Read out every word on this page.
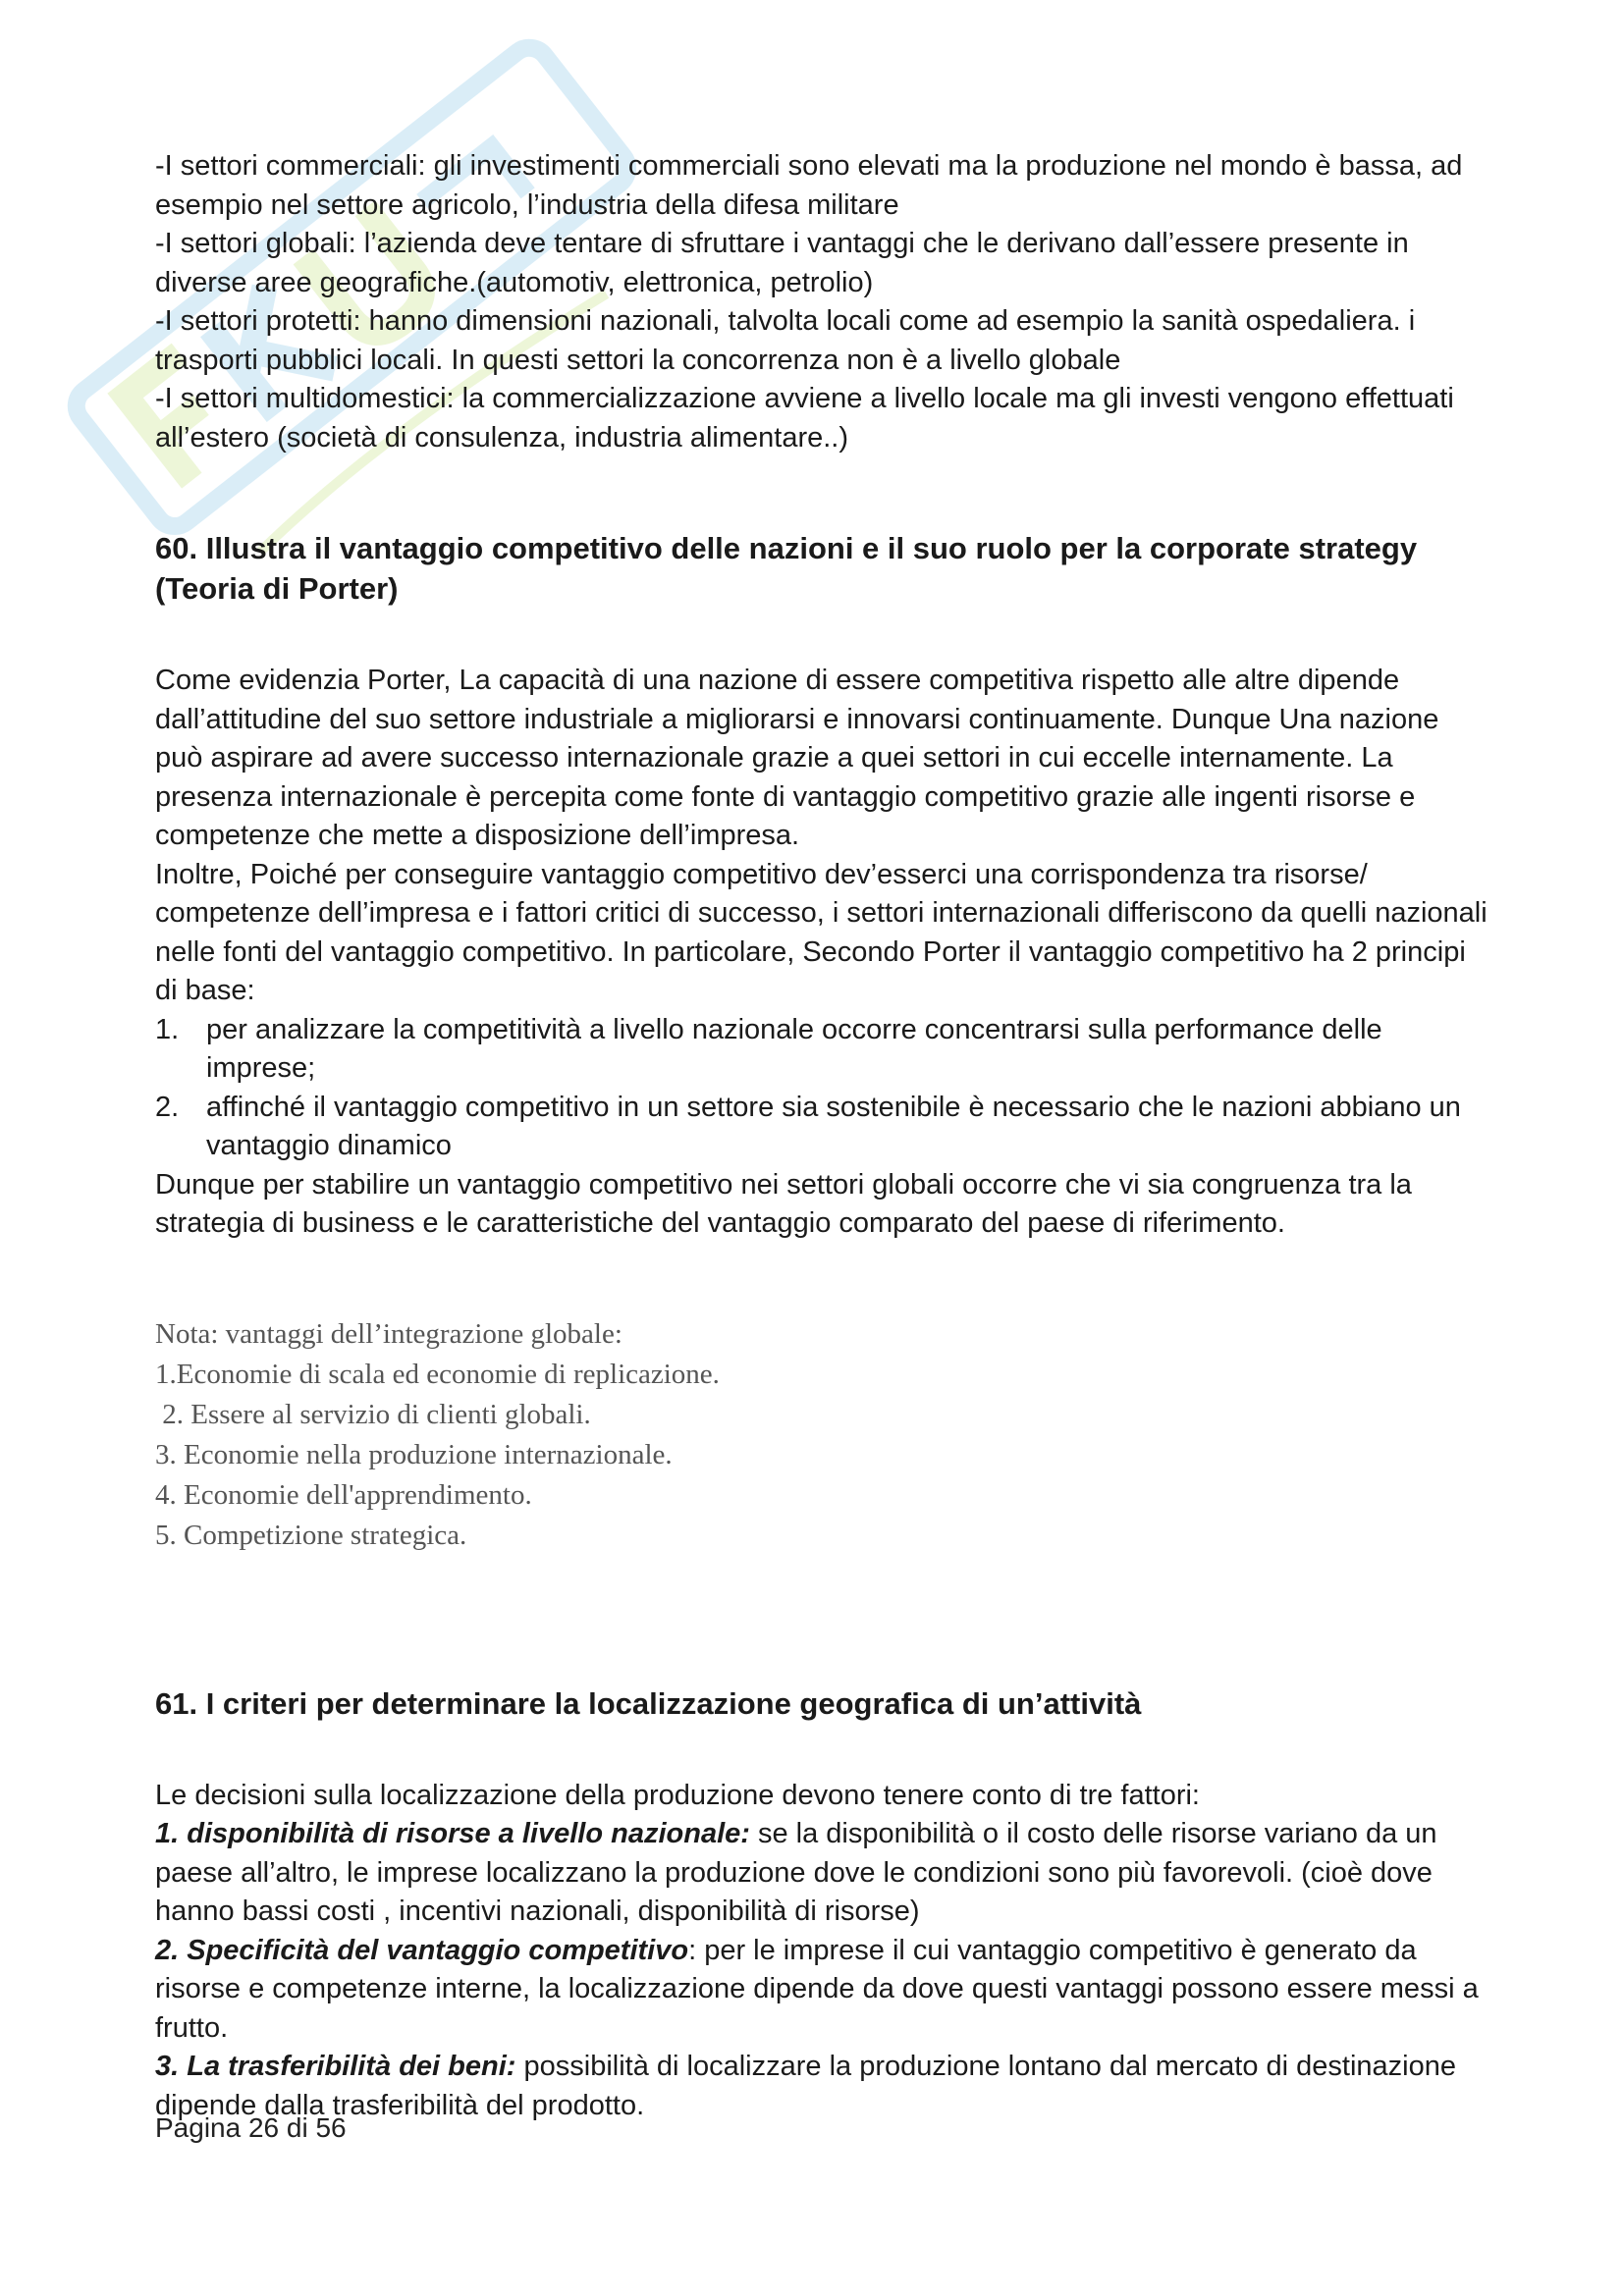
-I settori commerciali: gli investimenti commerciali sono elevati ma la produzione nel mondo è bassa, ad esempio nel settore agricolo, l’industria della difesa militare

-I settori globali: l’azienda deve tentare di sfruttare i vantaggi che le derivano dall’essere presente in diverse aree geografiche.(automotiv, elettronica, petrolio)

-I settori protetti: hanno dimensioni nazionali, talvolta locali come ad esempio la sanità ospedaliera. i trasporti pubblici locali. In questi settori la concorrenza non è a livello globale

-I settori multidomestici: la commercializzazione avviene a livello locale ma gli investi vengono effettuati all’estero (società di consulenza, industria alimentare..)

60. Illustra il vantaggio competitivo delle nazioni e il suo ruolo per la corporate strategy (Teoria di Porter)

Come evidenzia Porter, La capacità di una nazione di essere competitiva rispetto alle altre dipende dall’attitudine del suo settore industriale a migliorarsi e innovarsi continuamente. Dunque Una nazione può aspirare ad avere successo internazionale grazie a quei settori in cui eccelle internamente. La presenza internazionale è percepita come fonte di vantaggio competitivo grazie alle ingenti risorse e competenze che mette a disposizione dell’impresa.

Inoltre, Poiché per conseguire vantaggio competitivo dev’esserci una corrispondenza tra risorse/ competenze dell’impresa e i fattori critici di successo, i settori internazionali differiscono da quelli nazionali nelle fonti del vantaggio competitivo. In particolare, Secondo Porter il vantaggio competitivo ha 2 principi di base:

1. per analizzare la competitività a livello nazionale occorre concentrarsi sulla performance delle imprese;
2. affinché il vantaggio competitivo in un settore sia sostenibile è necessario che le nazioni abbiano un vantaggio dinamico

Dunque per stabilire un vantaggio competitivo nei settori globali occorre che vi sia congruenza tra la strategia di business e le caratteristiche del vantaggio comparato del paese di riferimento.

Nota: vantaggi dell’integrazione globale:

1.Economie di scala ed economie di replicazione.

2. Essere al servizio di clienti globali.

3. Economie nella produzione internazionale.

4. Economie dell'apprendimento.

5. Competizione strategica.

61. I criteri per determinare la localizzazione geografica di un’attività

Le decisioni sulla localizzazione della produzione devono tenere conto di tre fattori:

1. disponibilità di risorse a livello nazionale: se la disponibilità o il costo delle risorse variano da un paese all’altro, le imprese localizzano la produzione dove le condizioni sono più favorevoli. (cioè dove hanno bassi costi , incentivi nazionali, disponibilità di risorse)

2. Specificità del vantaggio competitivo: per le imprese il cui vantaggio competitivo è generato da risorse e competenze interne, la localizzazione dipende da dove questi vantaggi possono essere messi a frutto.

3. La trasferibilità dei beni: possibilità di localizzare la produzione lontano dal mercato di destinazione dipende dalla trasferibilità del prodotto.

Pagina 26 di 56
